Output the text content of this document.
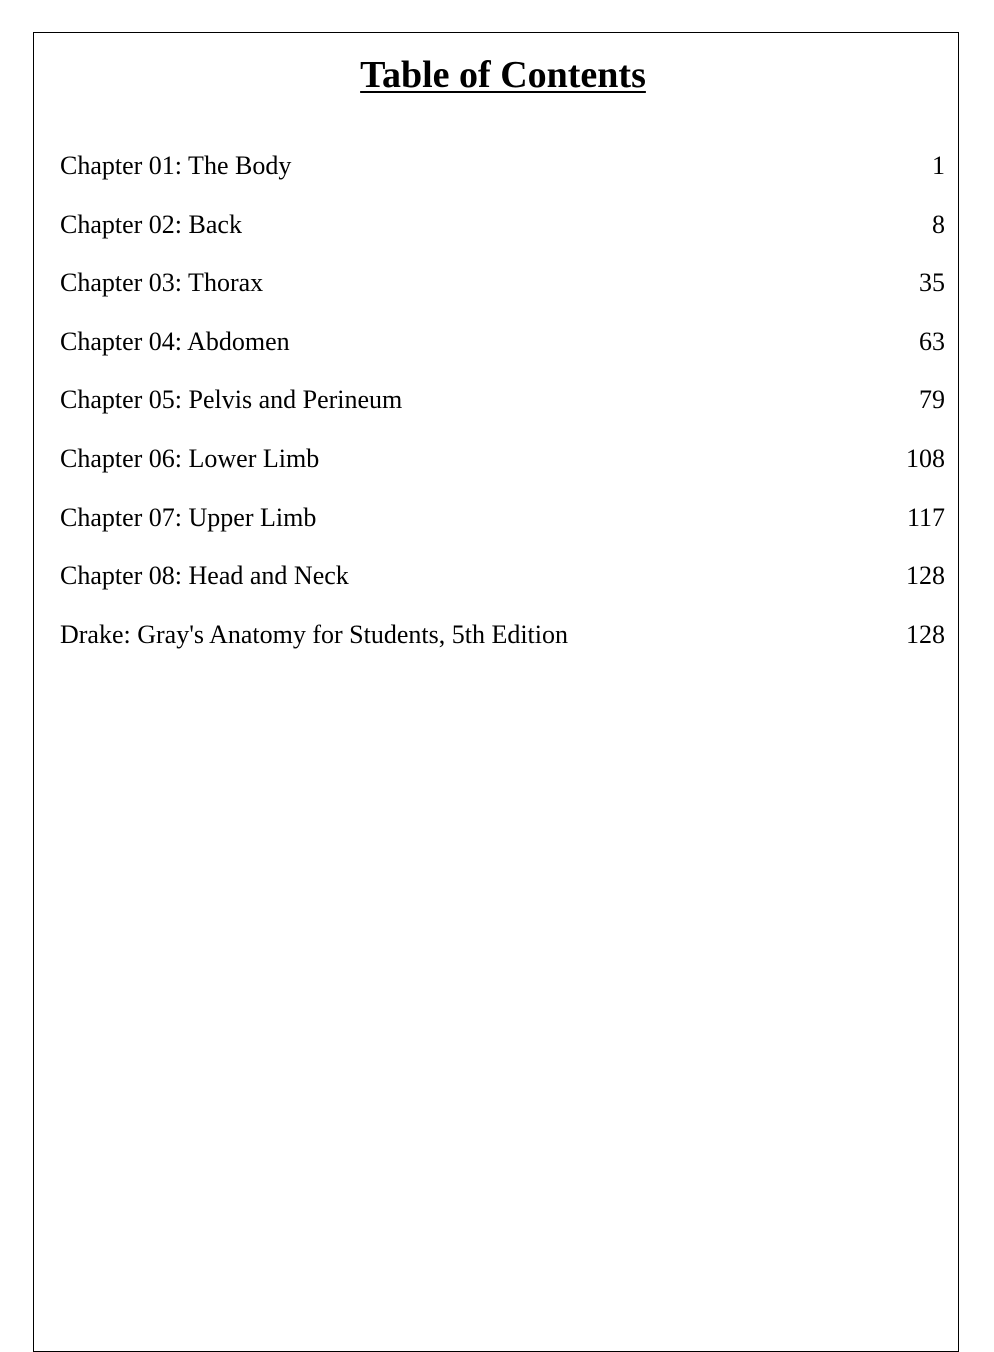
Table of Contents
Chapter 01: The Body	1
Chapter 02: Back	8
Chapter 03: Thorax	35
Chapter 04: Abdomen	63
Chapter 05: Pelvis and Perineum	79
Chapter 06: Lower Limb	108
Chapter 07: Upper Limb	117
Chapter 08: Head and Neck	128
Drake: Gray's Anatomy for Students, 5th Edition	128
